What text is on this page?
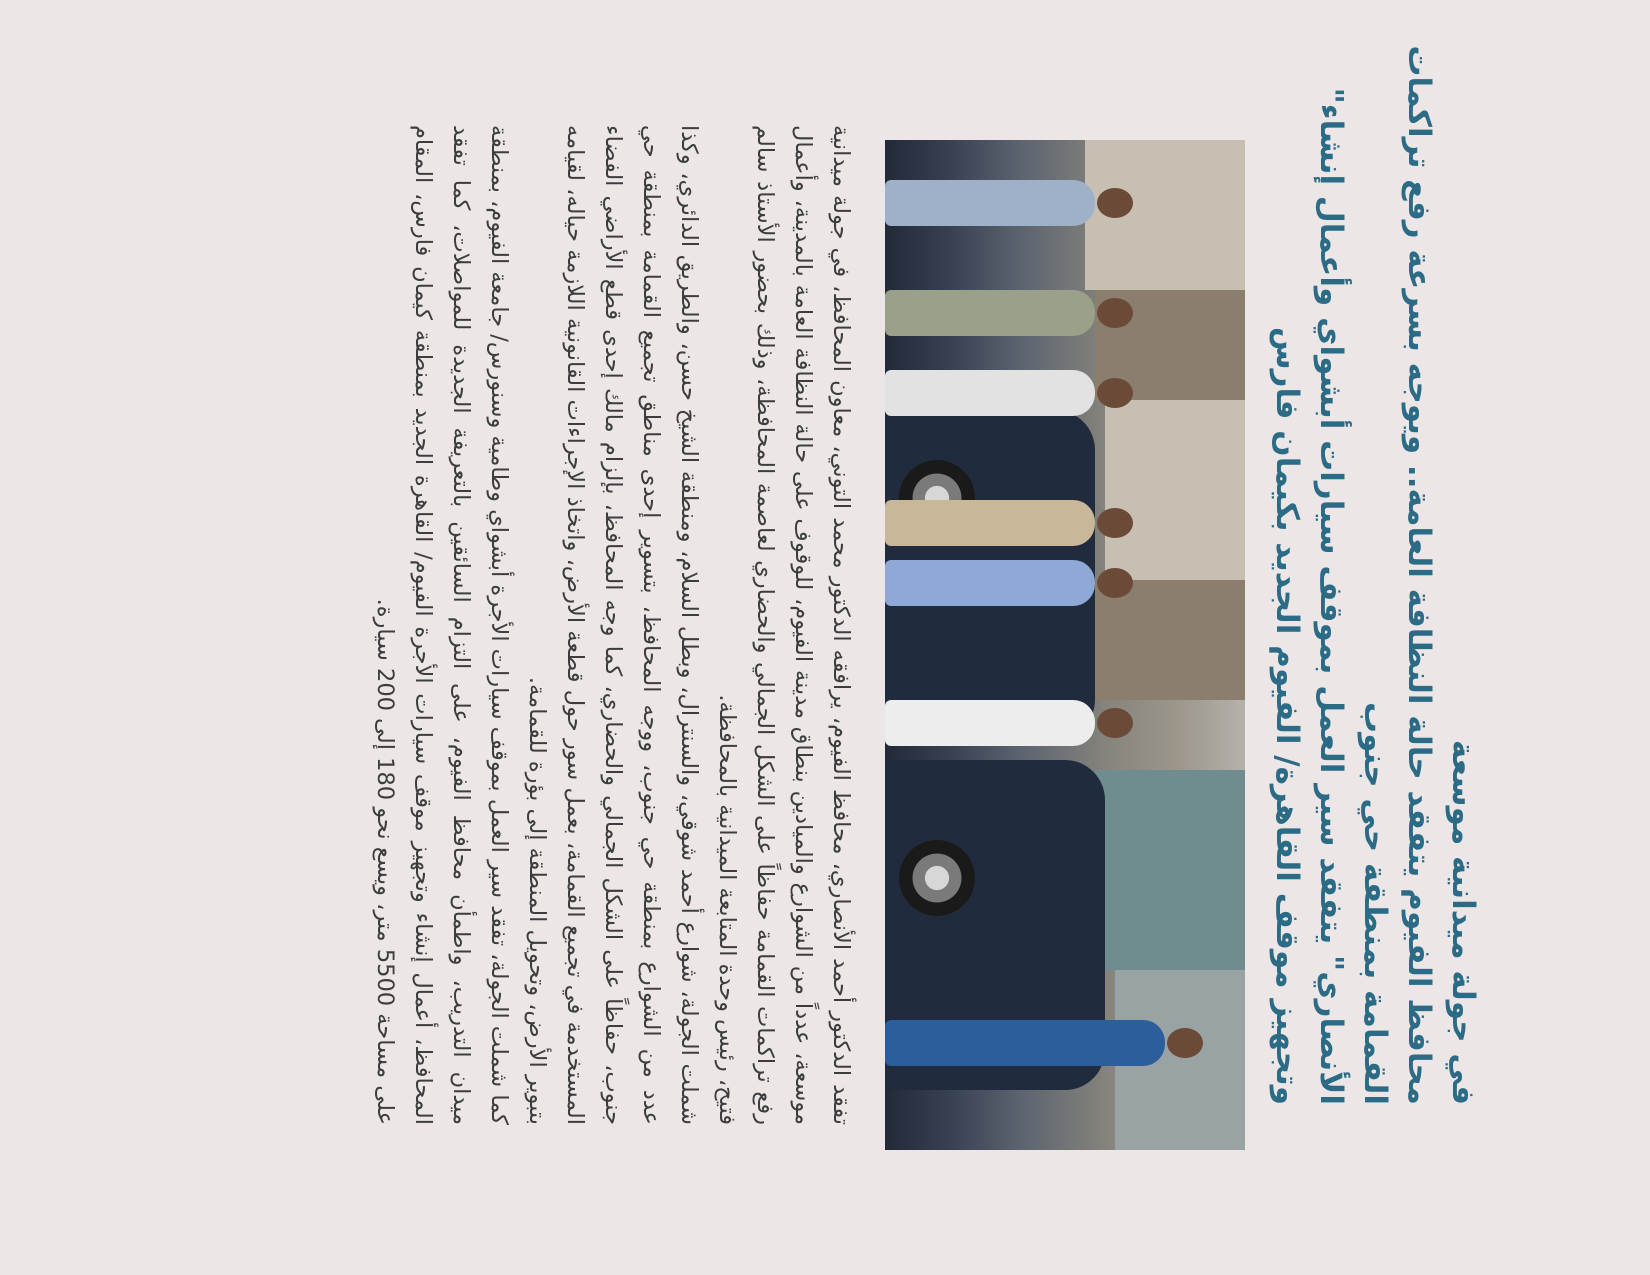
في جولة ميدانية موسعة
محافظ الفيوم يتفقد حالة النظافة العامة.. ويوجه بسرعة رفع تراكمات
القمامة بمنطقة حي جنوب
الأنصاري" يتفقد سير العمل بموقف سيارات أبشواي وأعمال إنشاء"
وتجهيز موقف القاهرة/ الفيوم الجديد بكيمان فارس

تفقد الدكتور أحمد الأنصاري، محافظ الفيوم، يرافقه الدكتور محمد التوني، معاون المحافظ، في جولة ميدانية موسعة، عدداً من الشوارع والميادين بنطاق مدينة الفيوم، للوقوف على حالة النظافة العامة بالمدينة، وأعمال رفع تراكمات القمامة حفاظاً على الشكل الجمالي والحضاري لعاصمة المحافظة، وذلك بحضور الأستاذ سالم فتيح، رئيس وحدة المتابعة الميدانية بالمحافظة.

شملت الجولة، شوارع أحمد شوقي، والسنترال، وبطل السلام، ومنطقة الشيخ حسن، والطريق الدائري، وكذا عدد من الشوارع بمنطقة حي جنوب، ووجه المحافظ، بتسوير إحدى مناطق تجميع القمامة بمنطقة حي جنوب، حفاظاً على الشكل الجمالي والحضاري، كما وجه المحافظ، بإلزام مالك إحدى قطع الأراضي الفضاء المستخدمة في تجميع القمامة، بعمل سور حول قطعة الأرض، واتخاذ الإجراءات القانونية اللازمة حياله، لقيامه بتبوير الأرض، وتحويل المنطقة إلى بؤرة للقمامة.

كما شملت الجولة، تفقد سير العمل بموقف سيارات الأجرة أبشواي وطامية وسنورس/ جامعة الفيوم، بمنطقة ميدان التدريب، واطمأن محافظ الفيوم، على التزام السائقين بالتعريفة الجديدة للمواصلات، كما تفقد المحافظ، أعمال إنشاء وتجهيز موقف سيارات الأجرة الفيوم/ القاهرة الجديد بمنطقة كيمان فارس، المقام على مساحة 5500 متر، ويسع نحو 180 إلى 200 سيارة.
